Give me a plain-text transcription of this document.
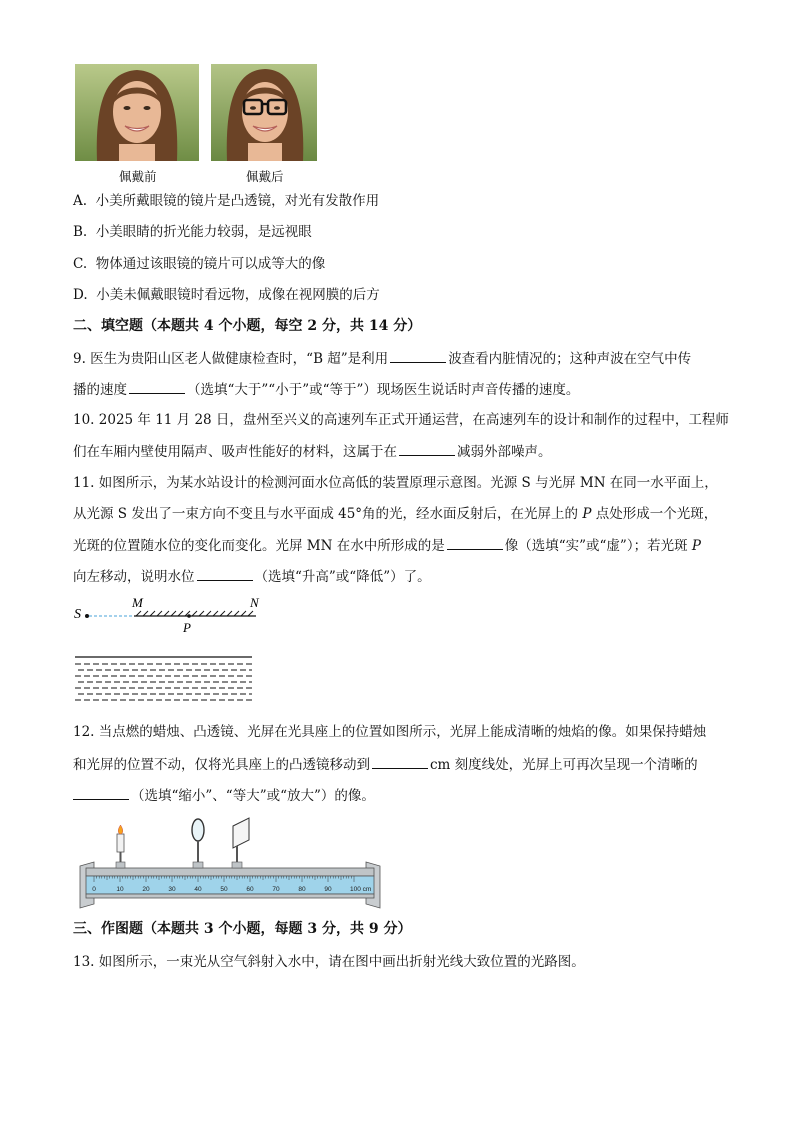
佩戴前	佩戴后
A. 小美所戴眼镜的镜片是凸透镜，对光有发散作用
B. 小美眼睛的折光能力较弱，是远视眼
C. 物体通过该眼镜的镜片可以成等大的像
D. 小美未佩戴眼镜时看远物，成像在视网膜的后方
二、填空题（本题共 4 个小题，每空 2 分，共 14 分）
9. 医生为贵阳山区老人做健康检查时，“B 超”是利用	波查看内脏情况的；这种声波在空气中传
播的速度	（选填“大于”“小于”或“等于”）现场医生说话时声音传播的速度。
10. 2025 年 11 月 28 日，盘州至兴义的高速列车正式开通运营，在高速列车的设计和制作的过程中，工程师
们在车厢内壁使用隔声、吸声性能好的材料，这属于在	减弱外部噪声。
11. 如图所示，为某水站设计的检测河面水位高低的装置原理示意图。光源 S 与光屏 MN 在同一水平面上，
从光源 S 发出了一束方向不变且与水平面成 45°角的光，经水面反射后，在光屏上的 P 点处形成一个光斑，
光斑的位置随水位的变化而变化。光屏 MN 在水中所形成的是	像（选填“实”或“虚”）；若光斑 P
向左移动，说明水位	（选填“升高”或“降低”）了。
S
M	N
P
12. 当点燃的蜡烛、凸透镜、光屏在光具座上的位置如图所示，光屏上能成清晰的烛焰的像。如果保持蜡烛
和光屏的位置不动，仅将光具座上的凸透镜移动到	cm 刻度线处，光屏上可再次呈现一个清晰的
（选填“缩小”、“等大”或“放大”）的像。
0	10	20	30	40	50	60	70	80	90	100 cm
三、作图题（本题共 3 个小题，每题 3 分，共 9 分）
13. 如图所示，一束光从空气斜射入水中，请在图中画出折射光线大致位置的光路图。
